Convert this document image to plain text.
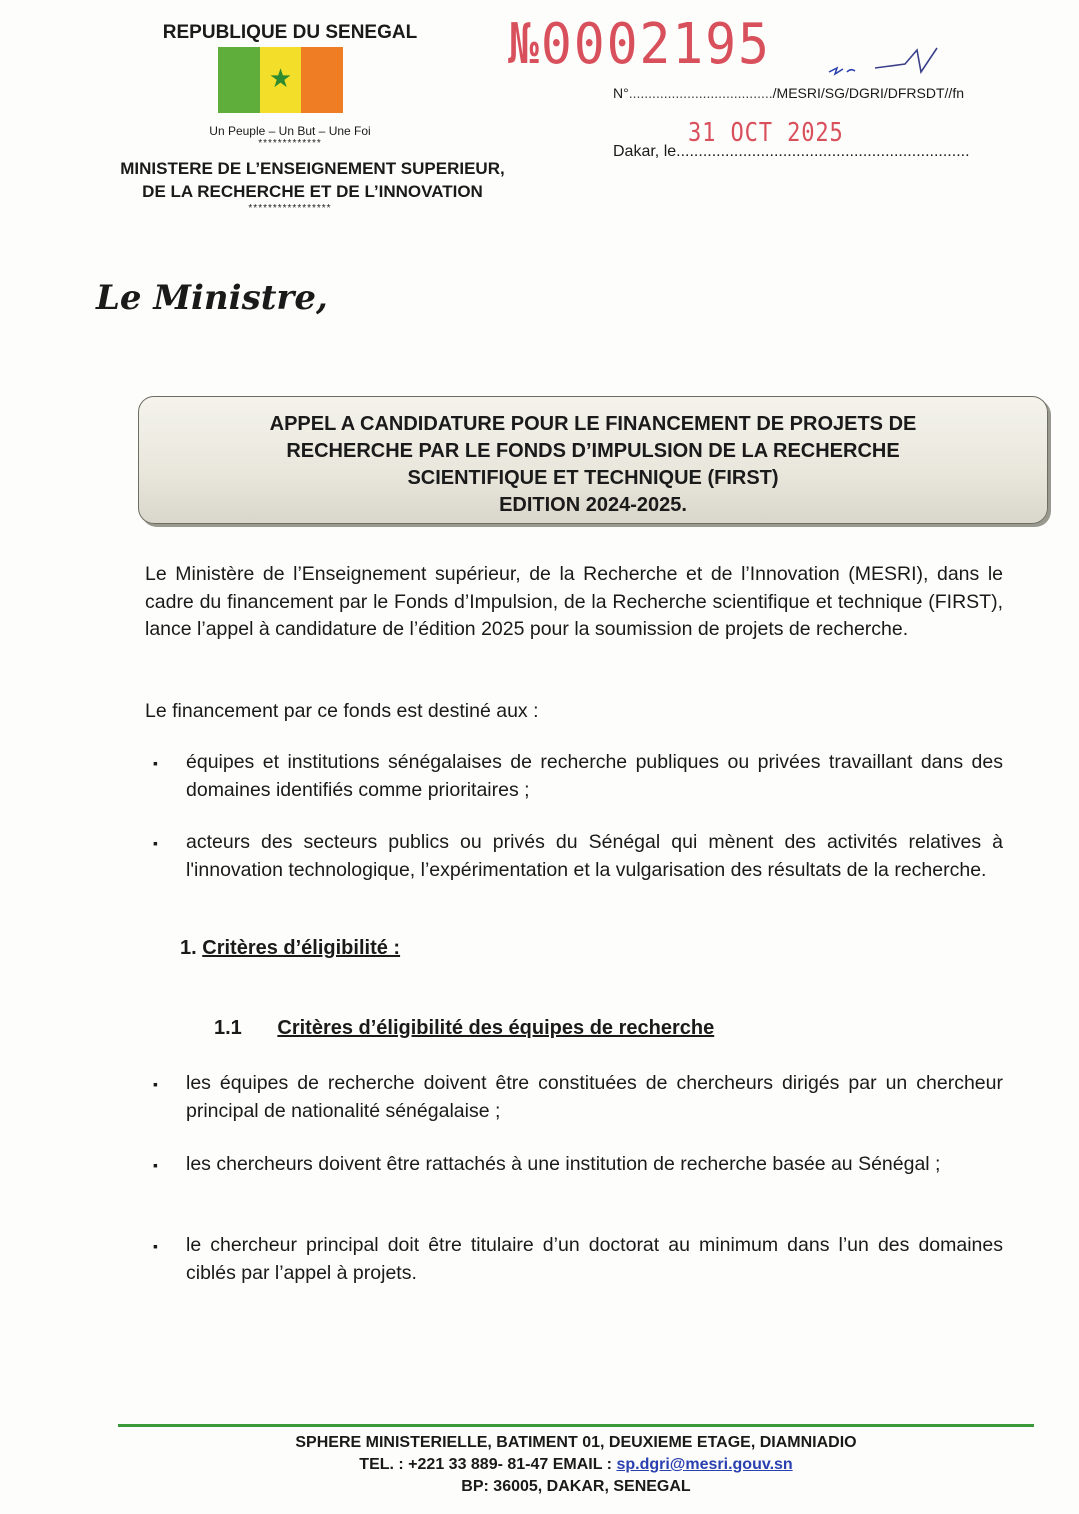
REPUBLIQUE DU SENEGAL
★
Un Peuple – Un But – Une Foi
*************
MINISTERE DE L’ENSEIGNEMENT SUPERIEUR,
DE LA RECHERCHE ET DE L’INNOVATION
*****************
№0002195
N°...................................../MESRI/SG/DGRI/DFRSDT//fn
Dakar, le..................................................................
31 OCT 2025
Le Ministre,
APPEL A CANDIDATURE POUR LE FINANCEMENT DE PROJETS DE
RECHERCHE PAR LE FONDS D’IMPULSION DE LA RECHERCHE
SCIENTIFIQUE ET TECHNIQUE (FIRST)
EDITION 2024-2025.
Le Ministère de l’Enseignement supérieur, de la Recherche et de l’Innovation (MESRI), dans le cadre du financement par le Fonds d’Impulsion, de la Recherche scientifique et technique (FIRST), lance l’appel à candidature de l’édition 2025 pour la soumission de projets de recherche.
Le financement par ce fonds est destiné aux :
▪ équipes et institutions sénégalaises de recherche publiques ou privées travaillant dans des domaines identifiés comme prioritaires ;
▪ acteurs des secteurs publics ou privés du Sénégal qui mènent des activités relatives à l'innovation technologique, l’expérimentation et la vulgarisation des résultats de la recherche.
1. Critères d’éligibilité :
1.1 Critères d’éligibilité des équipes de recherche
▪ les équipes de recherche doivent être constituées de chercheurs dirigés par un chercheur principal de nationalité sénégalaise ;
▪ les chercheurs doivent être rattachés à une institution de recherche basée au Sénégal ;
▪ le chercheur principal doit être titulaire d’un doctorat au minimum dans l’un des domaines ciblés par l’appel à projets.
SPHERE MINISTERIELLE, BATIMENT 01, DEUXIEME ETAGE, DIAMNIADIO
TEL. : +221 33 889- 81-47 EMAIL : sp.dgri@mesri.gouv.sn
BP: 36005, DAKAR, SENEGAL
